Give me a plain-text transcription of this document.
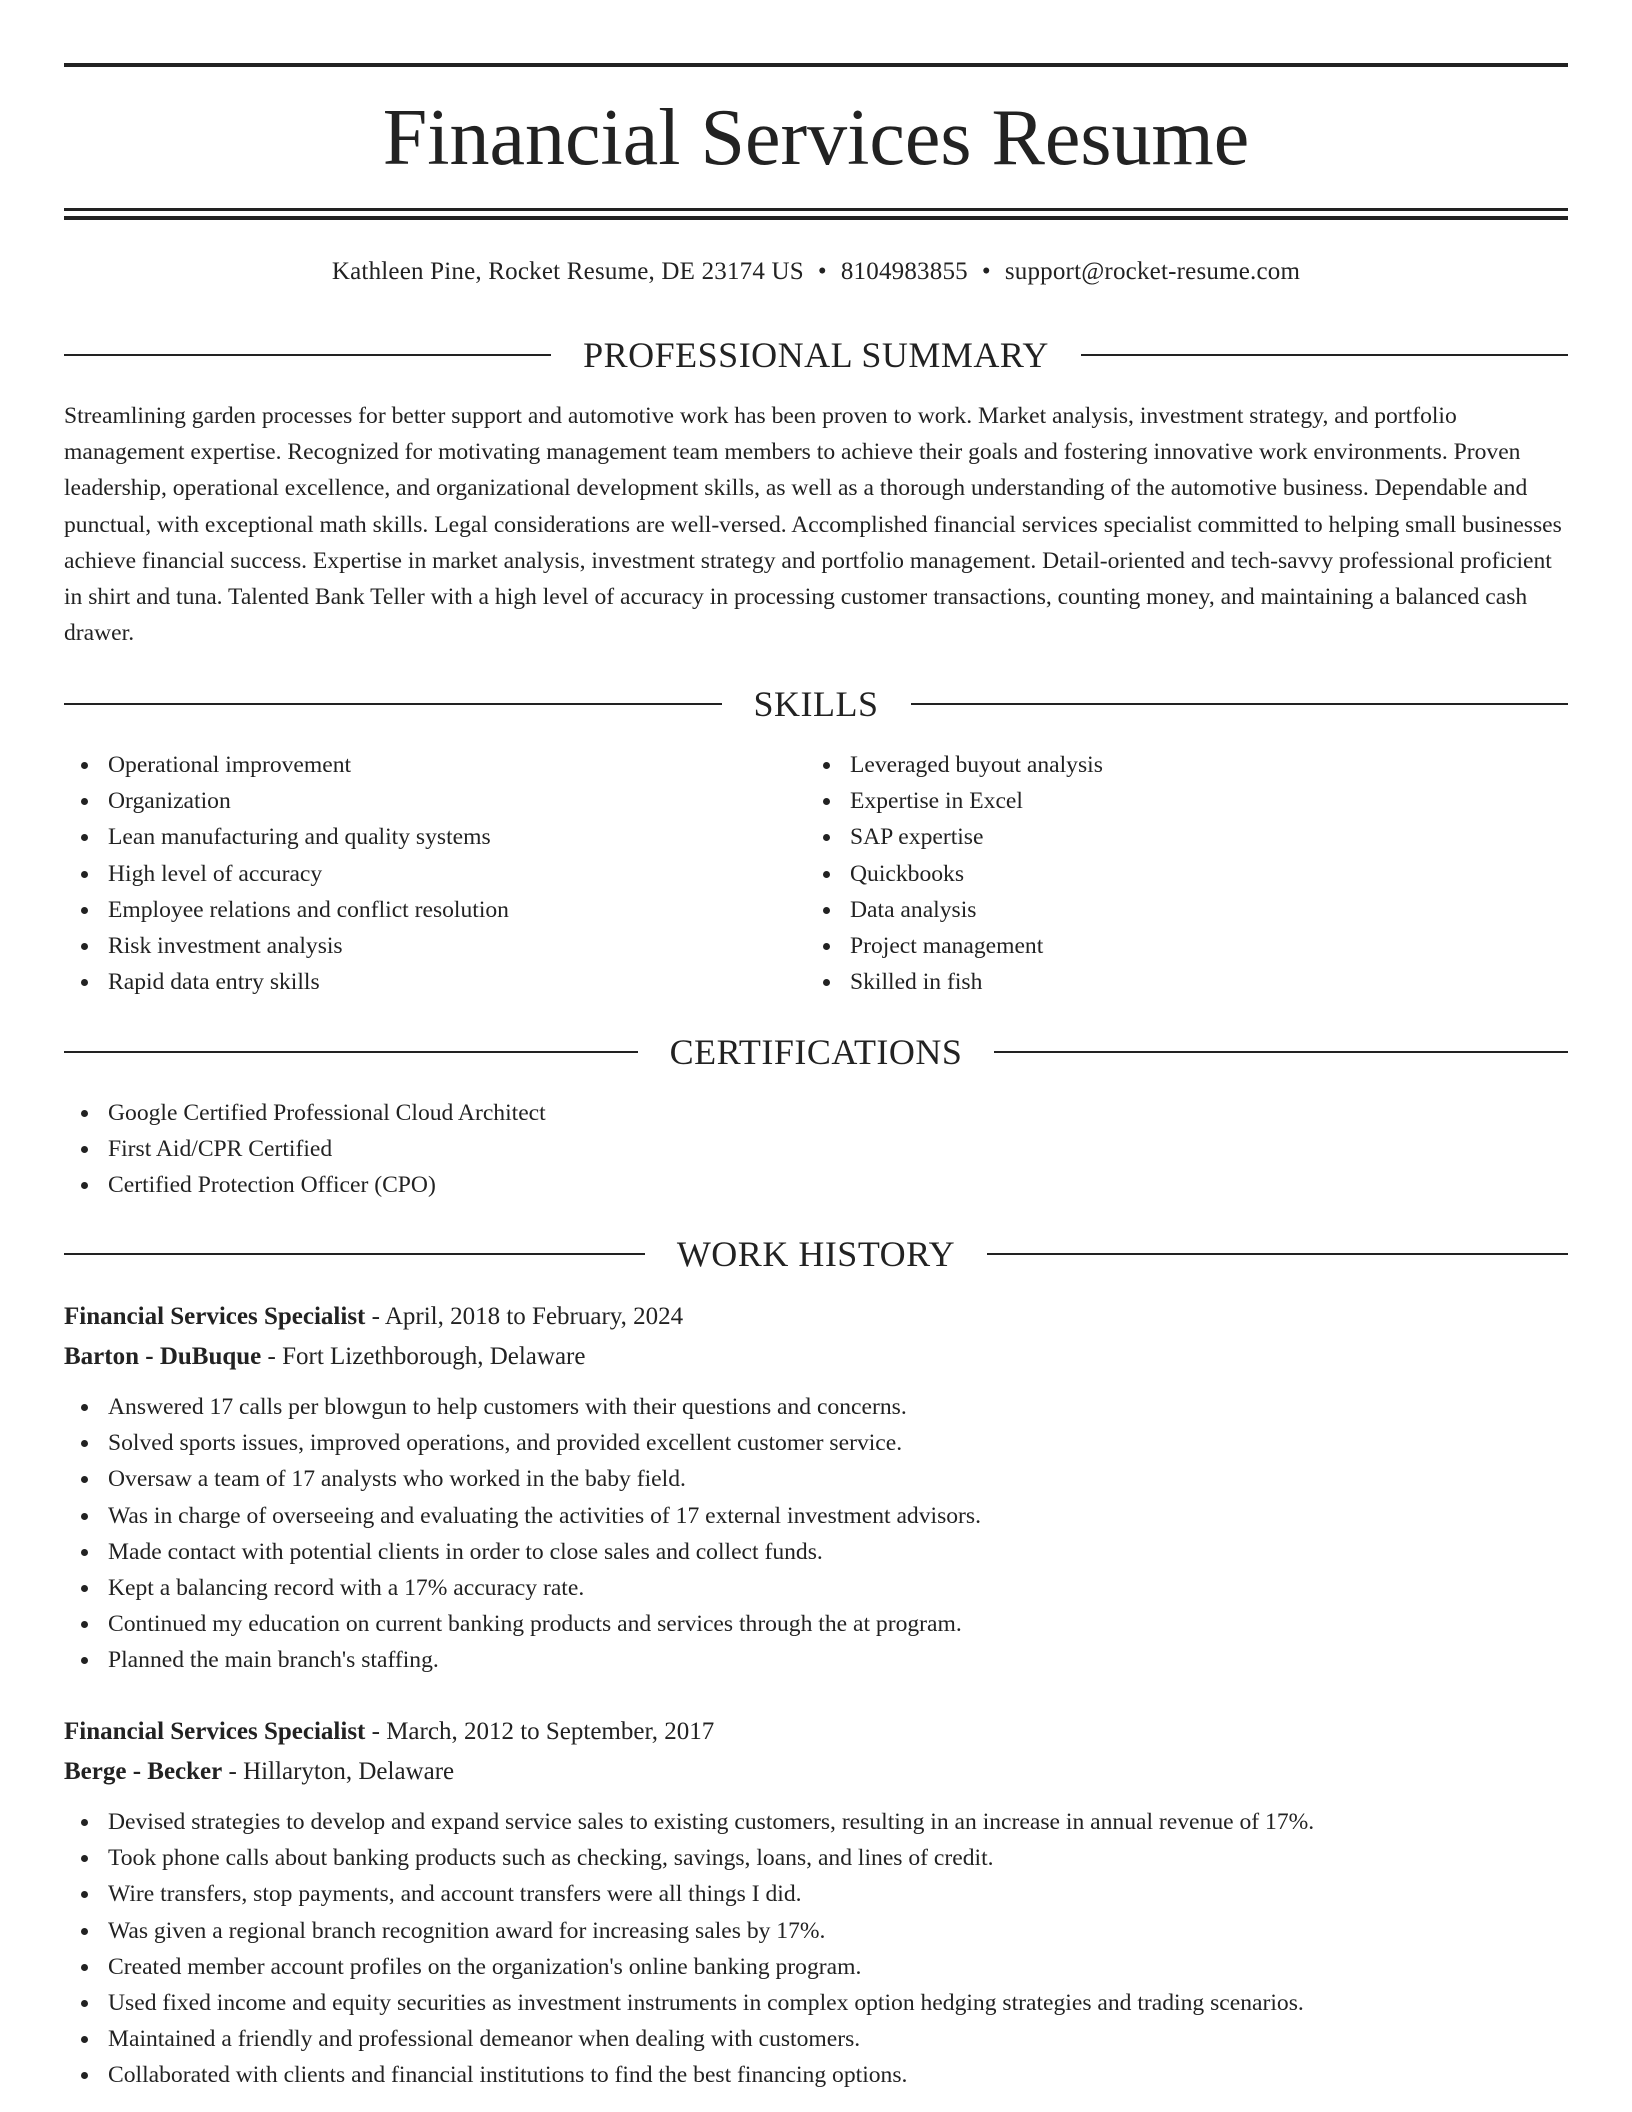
Financial Services Resume
Kathleen Pine, Rocket Resume, DE 23174 US • 8104983855 • support@rocket-resume.com
PROFESSIONAL SUMMARY

Streamlining garden processes for better support and automotive work has been proven to work. Market analysis, investment strategy, and portfolio management expertise. Recognized for motivating management team members to achieve their goals and fostering innovative work environments. Proven leadership, operational excellence, and organizational development skills, as well as a thorough understanding of the automotive business. Dependable and punctual, with exceptional math skills. Legal considerations are well-versed. Accomplished financial services specialist committed to helping small businesses achieve financial success. Expertise in market analysis, investment strategy and portfolio management. Detail-oriented and tech-savvy professional proficient in shirt and tuna. Talented Bank Teller with a high level of accuracy in processing customer transactions, counting money, and maintaining a balanced cash drawer.

SKILLS
Operational improvement
Organization
Lean manufacturing and quality systems
High level of accuracy
Employee relations and conflict resolution
Risk investment analysis
Rapid data entry skills
Leveraged buyout analysis
Expertise in Excel
SAP expertise
Quickbooks
Data analysis
Project management
Skilled in fish
CERTIFICATIONS
Google Certified Professional Cloud Architect
First Aid/CPR Certified
Certified Protection Officer (CPO)
WORK HISTORY
Financial Services Specialist - April, 2018 to February, 2024
Barton - DuBuque - Fort Lizethborough, Delaware
Answered 17 calls per blowgun to help customers with their questions and concerns.
Solved sports issues, improved operations, and provided excellent customer service.
Oversaw a team of 17 analysts who worked in the baby field.
Was in charge of overseeing and evaluating the activities of 17 external investment advisors.
Made contact with potential clients in order to close sales and collect funds.
Kept a balancing record with a 17% accuracy rate.
Continued my education on current banking products and services through the at program.
Planned the main branch's staffing.
Financial Services Specialist - March, 2012 to September, 2017
Berge - Becker - Hillaryton, Delaware
Devised strategies to develop and expand service sales to existing customers, resulting in an increase in annual revenue of 17%.
Took phone calls about banking products such as checking, savings, loans, and lines of credit.
Wire transfers, stop payments, and account transfers were all things I did.
Was given a regional branch recognition award for increasing sales by 17%.
Created member account profiles on the organization's online banking program.
Used fixed income and equity securities as investment instruments in complex option hedging strategies and trading scenarios.
Maintained a friendly and professional demeanor when dealing with customers.
Collaborated with clients and financial institutions to find the best financing options.
